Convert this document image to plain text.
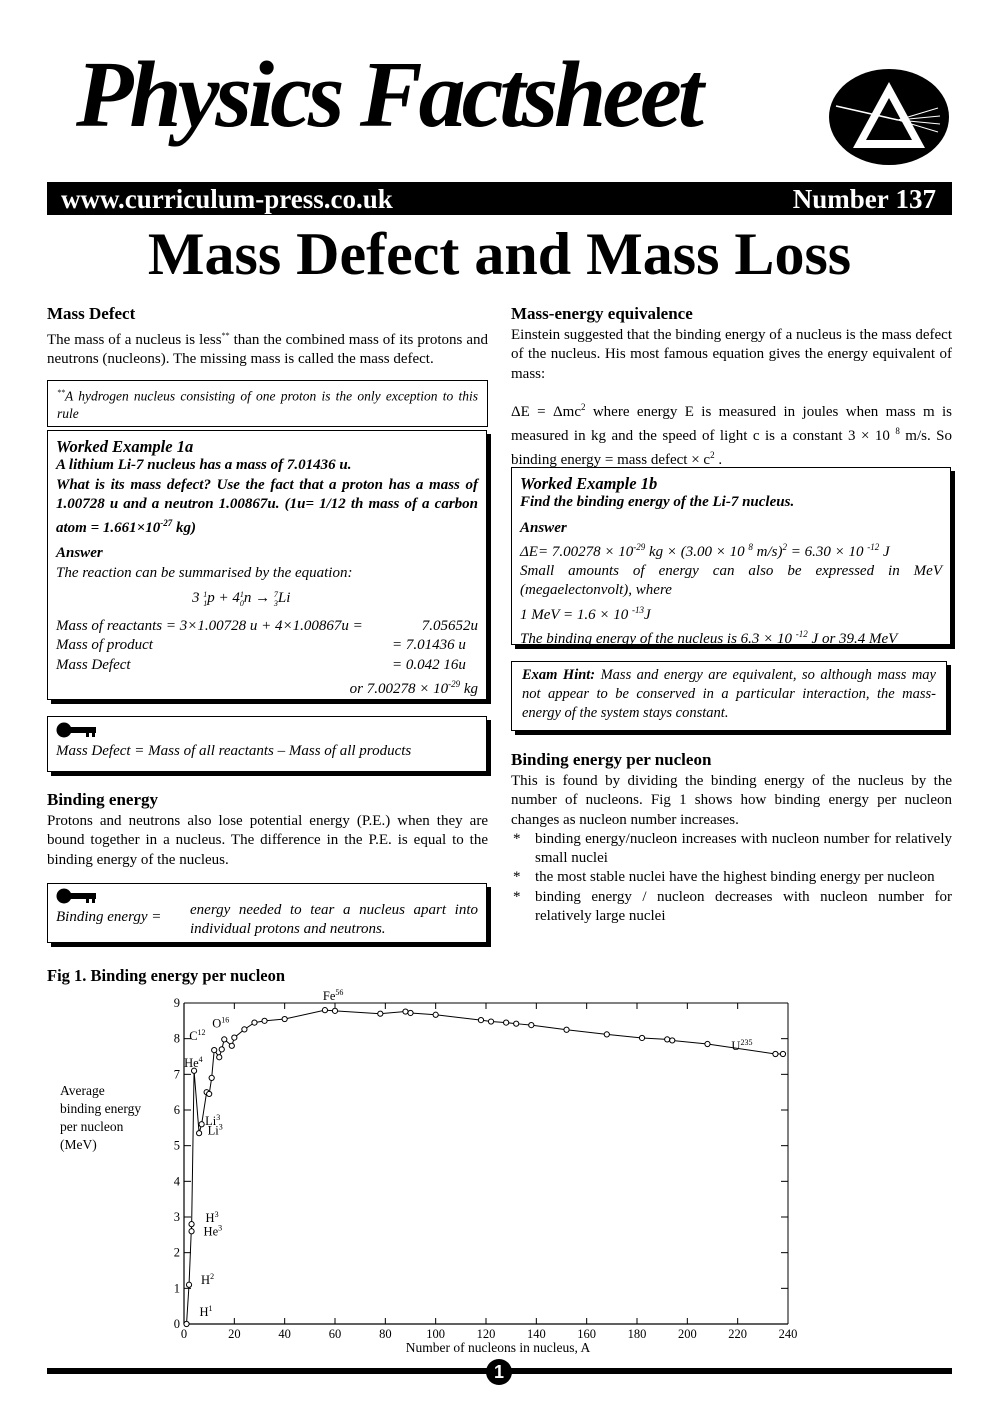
Physics Factsheet
www.curriculum-press.co.uk	Number 137
Mass Defect and Mass Loss
Mass Defect

The mass of a nucleus is less** than the combined mass of its protons and neutrons (nucleons). The missing mass is called the mass defect.

**A hydrogen nucleus consisting of one proton is the only exception to this rule
Worked Example 1a
A lithium Li-7 nucleus has a mass of 7.01436 u.
What is its mass defect? Use the fact that a proton has a mass of 1.00728 u and a neutron 1.00867u. (1u= 1/12 th mass of a carbon atom = $1.661\times 10^{-27}$ kg)
Answer
The reaction can be summarised by the equation:
3 1
1p + 41
0n → 7
3Li
Mass of reactants = 3×1.00728 u + 4×1.00867u =	7.05652u
Mass of product	= 7.01436 u
Mass Defect	= 0.042 16u
or $7.00278 \times 10^{-29}$ kg
Mass Defect = Mass of all reactants – Mass of all products
Binding energy

Protons and neutrons also lose potential energy (P.E.) when they are bound together in a nucleus. The difference in the P.E. is equal to the binding energy of the nucleus.

Binding energy =	energy needed to tear a nucleus apart into individual protons and neutrons.
Mass-energy equivalence

Einstein suggested that the binding energy of a nucleus is the mass defect of the nucleus. His most famous equation gives the energy equivalent of mass:

ΔE = Δmc$^2$ where energy E is measured in joules when mass m is measured in kg and the speed of light c is a constant 3 × 10 $^8$ m/s. So binding energy = mass defect × $c^2$ .

Worked Example 1b
Find the binding energy of the Li-7 nucleus.
Answer
$\Delta E= 7.00278 \times 10^{-29}$ kg × (3.00 × 10 $^8$ m/s)$^2$ = 6.30 × 10 $^{-12}$ J
Small amounts of energy can also be expressed in MeV (megaelectonvolt), where
1 MeV = 1.6 × 10 $^{-13}$J
The binding energy of the nucleus is 6.3 × 10 $^{-12}$ J or 39.4 MeV
Exam Hint: Mass and energy are equivalent, so although mass may not appear to be conserved in a particular interaction, the mass-energy of the system stays constant.
Binding energy per nucleon

This is found by dividing the binding energy of the nucleus by the number of nucleons. Fig 1 shows how binding energy per nucleon changes as nucleon number increases.

* binding energy/nucleon increases with nucleon number for relatively small nuclei
* the most stable nuclei have the highest binding energy per nucleon
* binding energy / nucleon decreases with nucleon number for relatively large nuclei
Fig 1. Binding energy per nucleon
0
1
2
3
4
5
6
7
8
9
0	20	40	60	80	100	120	140	160	180	200	220	240
Average binding energy per nucleon (MeV)
Number of nucleons in nucleus, A
$H^1$
$H^2$
He$^3$
$H^3$
Li$^3$
Li$^3$
He$^4$
$C^{12}$
$O^{16}$
Fe$^{56}$
$U^{235}$
1
